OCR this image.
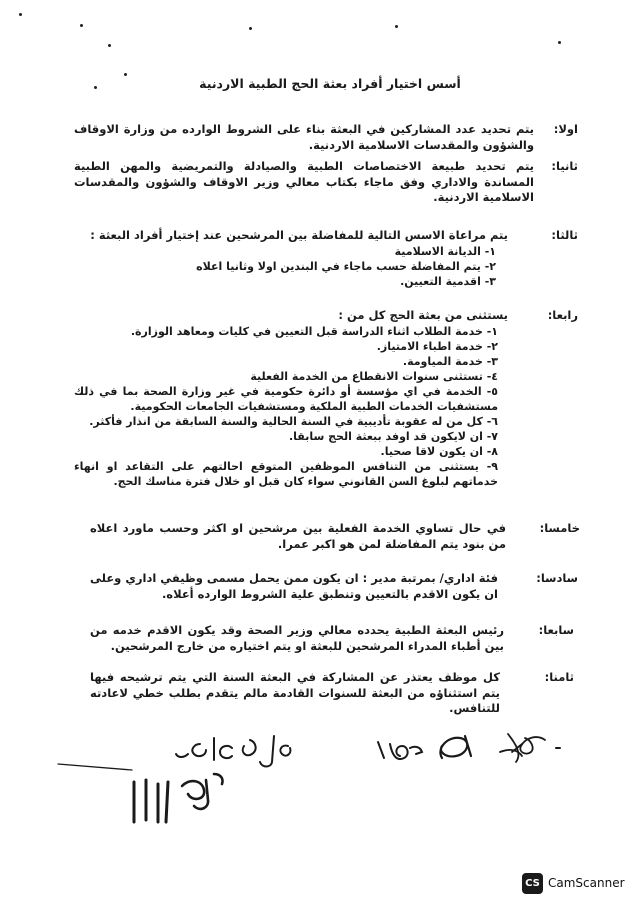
أسس اختيار أفراد بعثة الحج الطبية الاردنية
اولا:
يتم تحديد عدد المشاركين في البعثة بناء على الشروط الوارده من وزارة الاوقاف والشؤون والمقدسات الاسلامية الاردنية.
ثانيا:
يتم تحديد طبيعة الاختصاصات الطبية والصيادلة والتمريضية والمهن الطبية المساندة والاداري وفق ماجاء بكتاب معالي وزير الاوقاف والشؤون والمقدسات الاسلامية الاردنية.
ثالثا:
يتم مراعاة الاسس التالية للمفاضلة بين المرشحين عند إختيار أفراد البعثة :
١- الديانة الاسلامية
٢- يتم المفاضلة حسب ماجاء في البندين اولا وثانيا اعلاه
٣- اقدمية التعيين.
رابعا:
يستثنى من بعثة الحج كل من :
١- خدمة الطلاب اثناء الدراسة قبل التعيين في كليات ومعاهد الوزارة.
٢- خدمة اطباء الامتياز.
٣- خدمة المياومة.
٤- تستثنى سنوات الانقطاع من الخدمة الفعلية
٥- الخدمة في اي مؤسسة أو دائرة حكومية في غير وزارة الصحة بما في ذلك مستشفيات الخدمات الطبية الملكية ومستشفيات الجامعات الحكومية.
٦- كل من له عقوبة تأديبية في السنة الحالية والسنة السابقة من انذار فأكثر.
٧- ان لايكون قد اوفد ببعثة الحج سابقا.
٨- ان يكون لاقا صحيا.
٩- يستثنى من التنافس الموظفين المتوقع احالتهم على التقاعد او انهاء خدماتهم لبلوغ السن القانوني سواء كان قبل او خلال فترة مناسك الحج.
خامسا:
في حال تساوي الخدمة الفعلية بين مرشحين او اكثر وحسب ماورد اعلاه من بنود يتم المفاضلة لمن هو اكبر عمرا.
سادسا:
فئة اداري/ بمرتبة مدير : ان يكون ممن يحمل مسمى وظيفي اداري وعلى ان يكون الاقدم بالتعيين وتنطبق علية الشروط الوارده أعلاه.
سابعا:
رئيس البعثة الطبية يحدده معالي وزير الصحة وقد يكون الاقدم خدمه من بين أطباء المدراء المرشحين للبعثة او يتم اختياره من خارج المرشحين.
ثامنا:
كل موظف يعتذر عن المشاركة في البعثة السنة التي يتم ترشيحه فيها يتم استثناؤه من البعثة للسنوات القادمة مالم يتقدم بطلب خطي لاعادته للتنافس.
CS CamScanner
